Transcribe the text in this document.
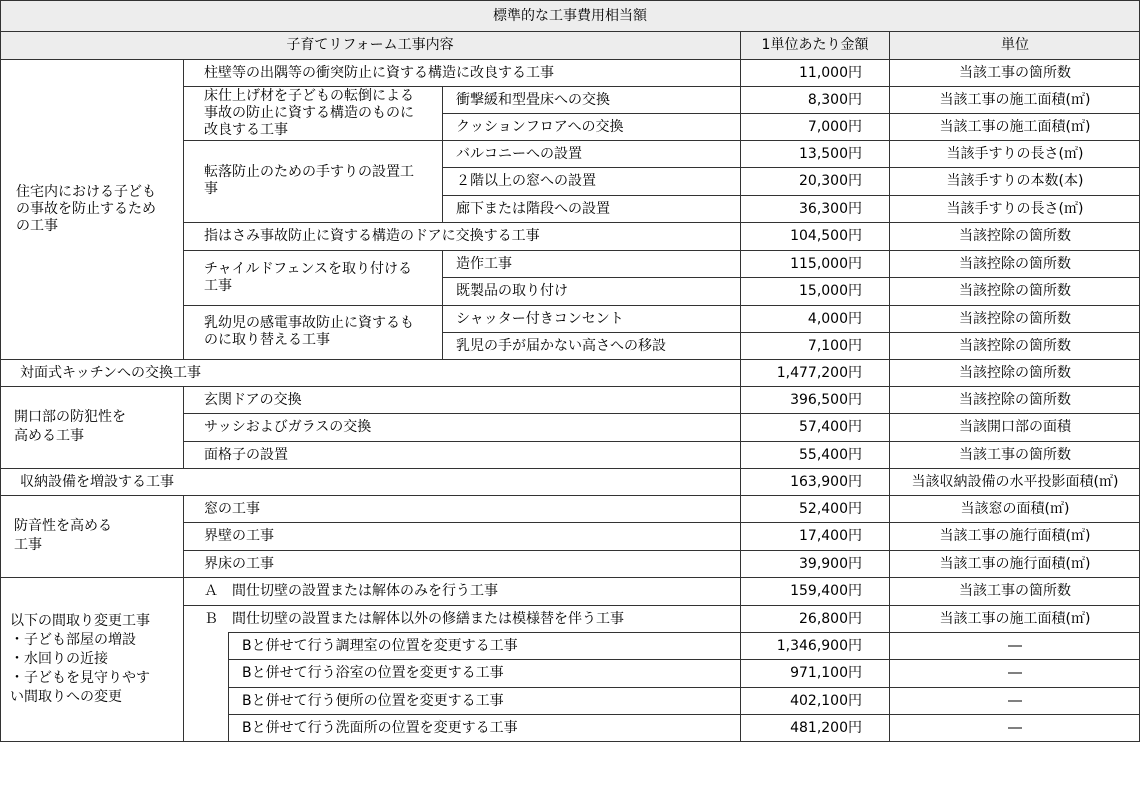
標準的な工事費用相当額
子育てリフォーム工事内容	1単位あたり金額	単位
住宅内における子どもの事故を防止するための工事
柱壁等の出隅等の衝突防止に資する構造に改良する工事	11,000円	当該工事の箇所数
床仕上げ材を子どもの転倒による事故の防止に資する構造のものに改良する工事
衝撃緩和型畳床への交換	8,300円	当該工事の施工面積(㎡)
クッションフロアへの交換	7,000円	当該工事の施工面積(㎡)
転落防止のための手すりの設置工事
バルコニーへの設置	13,500円	当該手すりの長さ(㎡)
２階以上の窓への設置	20,300円	当該手すりの本数(本)
廊下または階段への設置	36,300円	当該手すりの長さ(㎡)
指はさみ事故防止に資する構造のドアに交換する工事	104,500円	当該控除の箇所数
チャイルドフェンスを取り付ける工事
造作工事	115,000円	当該控除の箇所数
既製品の取り付け	15,000円	当該控除の箇所数
乳幼児の感電事故防止に資するものに取り替える工事
シャッター付きコンセント	4,000円	当該控除の箇所数
乳児の手が届かない高さへの移設	7,100円	当該控除の箇所数
対面式キッチンへの交換工事	1,477,200円	当該控除の箇所数
開口部の防犯性を
高める工事
玄関ドアの交換	396,500円	当該控除の箇所数
サッシおよびガラスの交換	57,400円	当該開口部の面積
面格子の設置	55,400円	当該工事の箇所数
収納設備を増設する工事	163,900円	当該収納設備の水平投影面積(㎡)
防音性を高める
工事
窓の工事	52,400円	当該窓の面積(㎡)
界壁の工事	17,400円	当該工事の施行面積(㎡)
界床の工事	39,900円	当該工事の施行面積(㎡)
以下の間取り変更工事
・子ども部屋の増設
・水回りの近接
・子どもを見守りやす
い間取りへの変更
Ａ　間仕切壁の設置または解体のみを行う工事	159,400円	当該工事の箇所数
Ｂ　間仕切壁の設置または解体以外の修繕または模様替を伴う工事	26,800円	当該工事の施工面積(㎡)
Bと併せて行う調理室の位置を変更する工事	1,346,900円	―
Bと併せて行う浴室の位置を変更する工事	971,100円	―
Bと併せて行う便所の位置を変更する工事	402,100円	―
Bと併せて行う洗面所の位置を変更する工事	481,200円	―
